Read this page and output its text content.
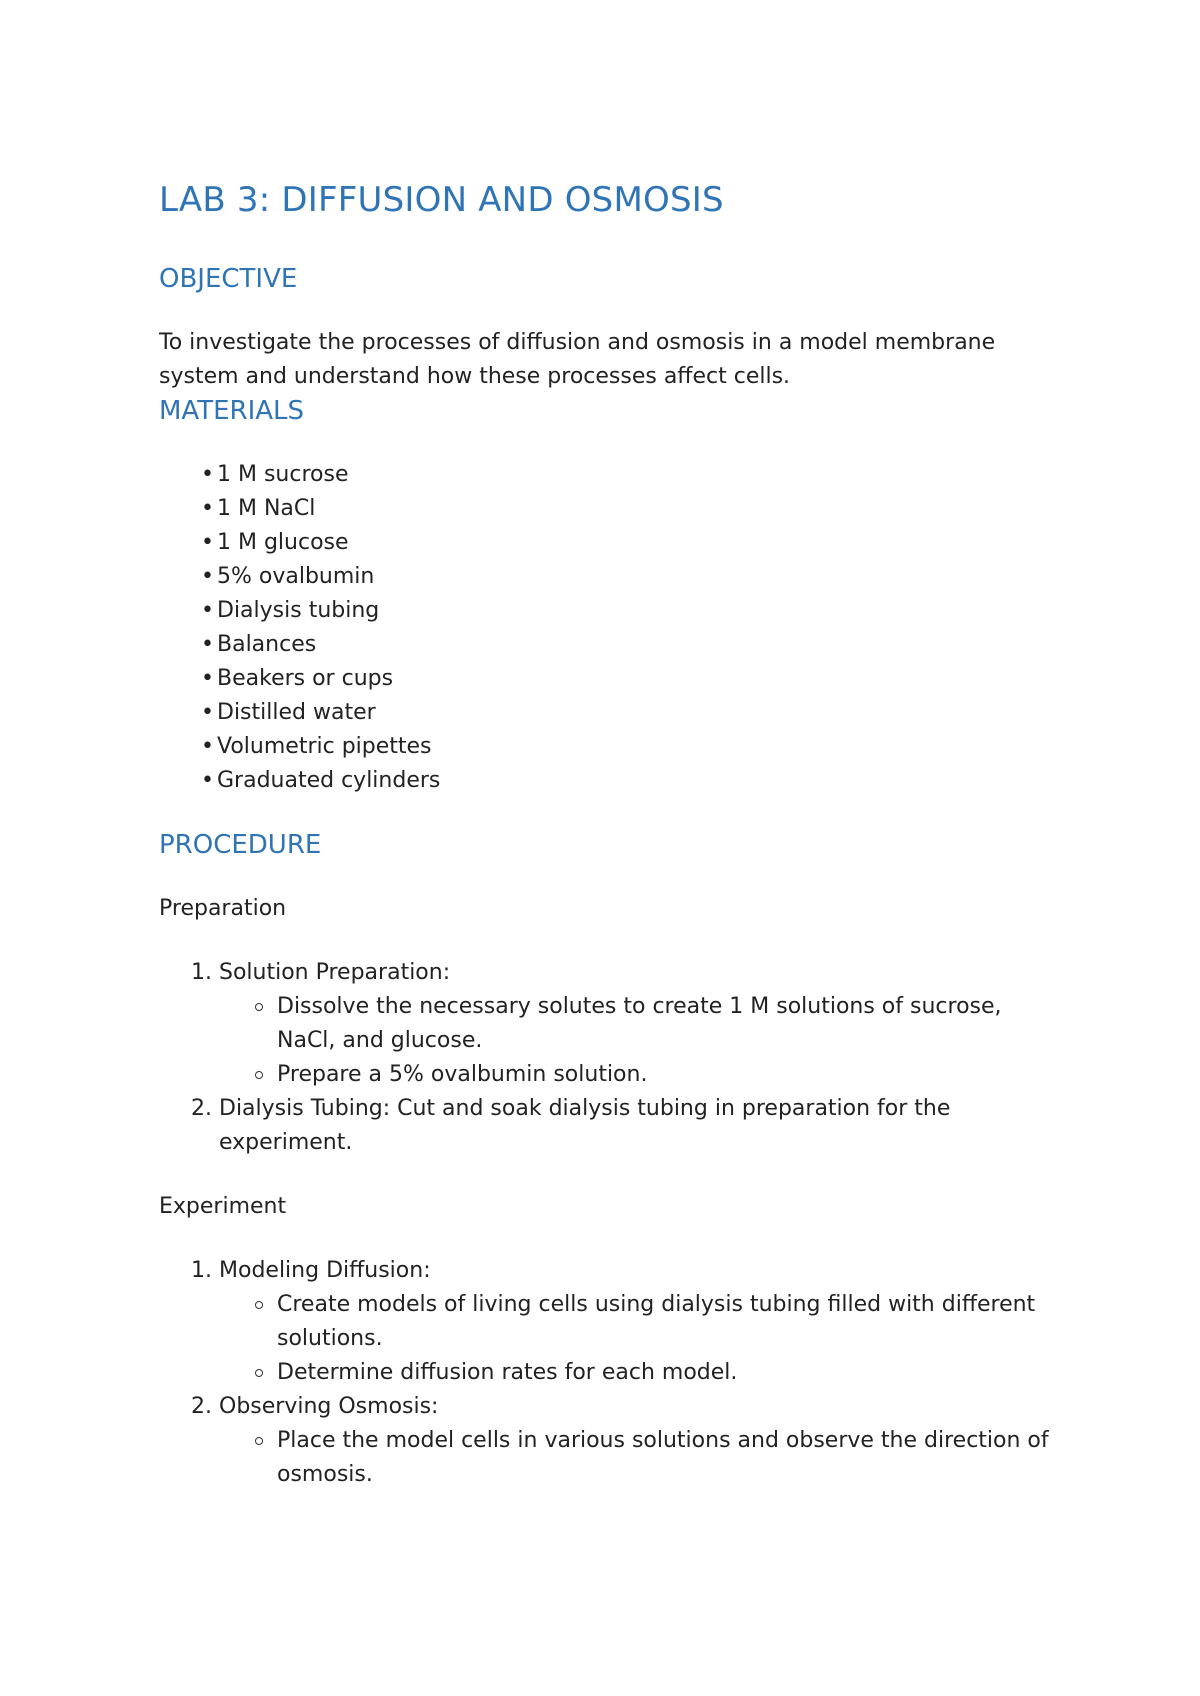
LAB 3: DIFFUSION AND OSMOSIS
OBJECTIVE

To investigate the processes of diffusion and osmosis in a model membrane system and understand how these processes affect cells.

MATERIALS
• 1 M sucrose
• 1 M NaCl
• 1 M glucose
• 5% ovalbumin
• Dialysis tubing
• Balances
• Beakers or cups
• Distilled water
• Volumetric pipettes
• Graduated cylinders
PROCEDURE
Preparation
1. Solution Preparation:
Dissolve the necessary solutes to create 1 M solutions of sucrose, NaCl, and glucose.
Prepare a 5% ovalbumin solution.
2. Dialysis Tubing: Cut and soak dialysis tubing in preparation for the experiment.
Experiment
1. Modeling Diffusion:
Create models of living cells using dialysis tubing filled with different solutions.
Determine diffusion rates for each model.
2. Observing Osmosis:
Place the model cells in various solutions and observe the direction of osmosis.
